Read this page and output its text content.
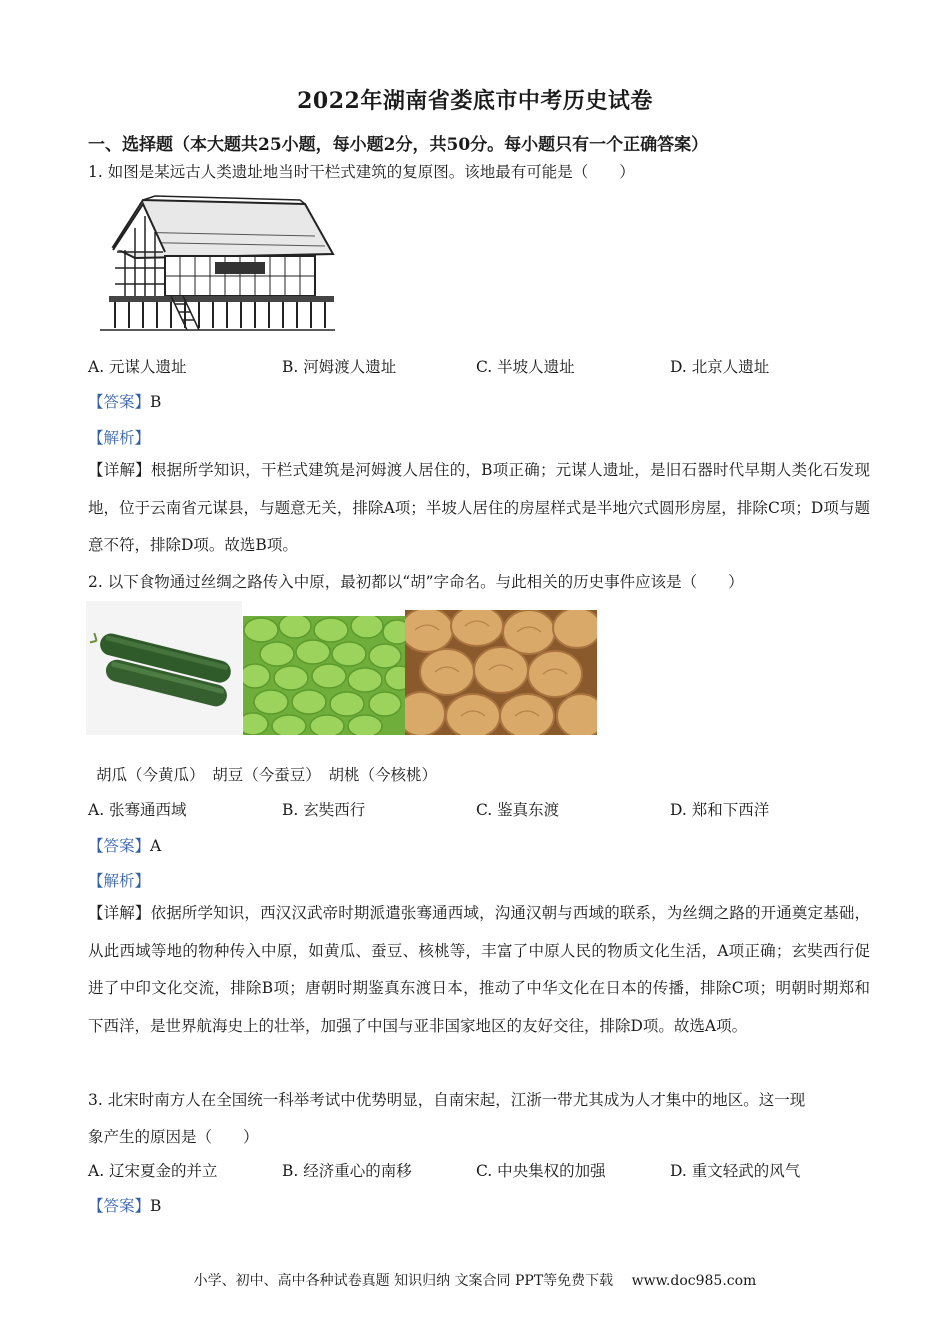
2022年湖南省娄底市中考历史试卷
一、选择题（本大题共25小题，每小题2分，共50分。每小题只有一个正确答案）
1. 如图是某远古人类遗址地当时干栏式建筑的复原图。该地最有可能是（　　）
A. 元谋人遗址	B. 河姆渡人遗址	C. 半坡人遗址	D. 北京人遗址
【答案】B
【解析】
【详解】根据所学知识，干栏式建筑是河姆渡人居住的，B项正确；元谋人遗址，是旧石器时代早期人类化石发现地，位于云南省元谋县，与题意无关，排除A项；半坡人居住的房屋样式是半地穴式圆形房屋，排除C项；D项与题意不符，排除D项。故选B项。
2. 以下食物通过丝绸之路传入中原，最初都以“胡”字命名。与此相关的历史事件应该是（　　）
胡瓜（今黄瓜）　胡豆（今蚕豆）　胡桃（今核桃）
A. 张骞通西域	B. 玄奘西行	C. 鉴真东渡	D. 郑和下西洋
【答案】A
【解析】
【详解】依据所学知识，西汉汉武帝时期派遣张骞通西域，沟通汉朝与西域的联系，为丝绸之路的开通奠定基础，从此西域等地的物种传入中原，如黄瓜、蚕豆、核桃等，丰富了中原人民的物质文化生活，A项正确；玄奘西行促进了中印文化交流，排除B项；唐朝时期鉴真东渡日本，推动了中华文化在日本的传播，排除C项；明朝时期郑和下西洋，是世界航海史上的壮举，加强了中国与亚非国家地区的友好交往，排除D项。故选A项。
3. 北宋时南方人在全国统一科举考试中优势明显，自南宋起，江浙一带尤其成为人才集中的地区。这一现
象产生的原因是（　　）
A. 辽宋夏金的并立	B. 经济重心的南移	C. 中央集权的加强	D. 重文轻武的风气
【答案】B
小学、初中、高中各种试卷真题 知识归纳 文案合同 PPT等免费下载　 www.doc985.com
